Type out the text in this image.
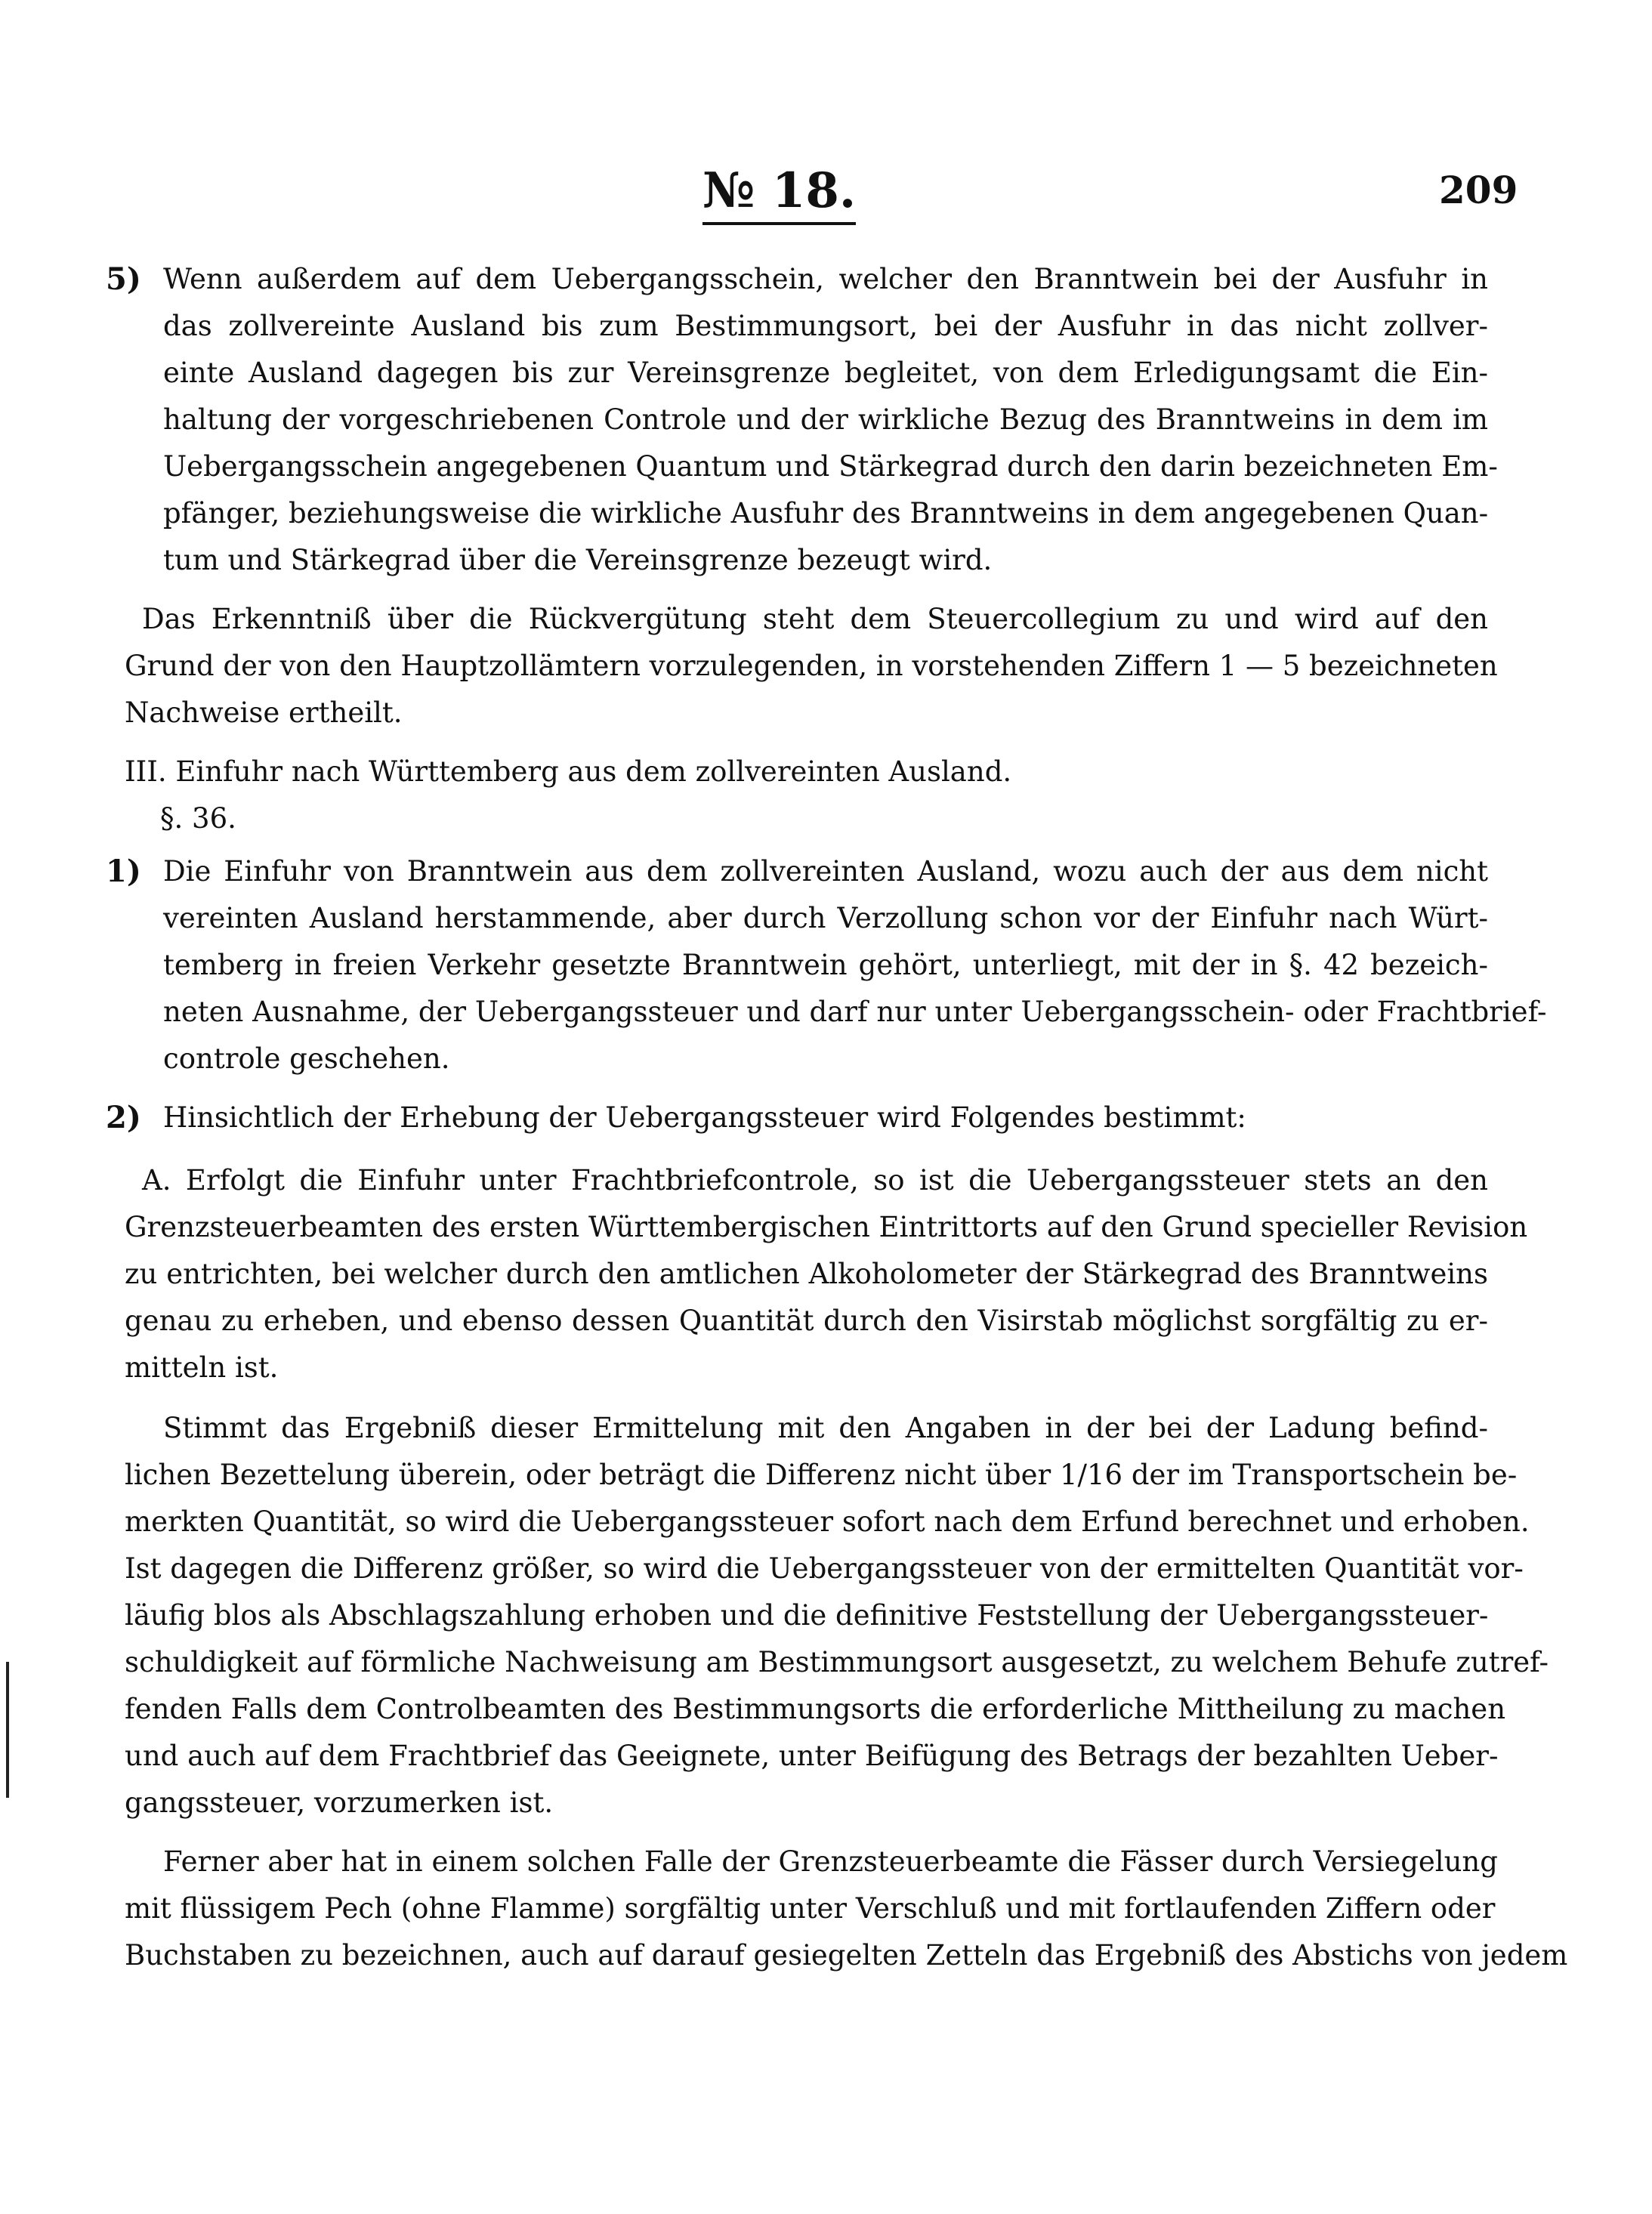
№ 18.	209
5) Wenn außerdem auf dem Uebergangsschein, welcher den Branntwein bei der Ausfuhr in
das zollvereinte Ausland bis zum Bestimmungsort, bei der Ausfuhr in das nicht zollver-
einte Ausland dagegen bis zur Vereinsgrenze begleitet, von dem Erledigungsamt die Ein-
haltung der vorgeschriebenen Controle und der wirkliche Bezug des Branntweins in dem im
Uebergangsschein angegebenen Quantum und Stärkegrad durch den darin bezeichneten Em-
pfänger, beziehungsweise die wirkliche Ausfuhr des Branntweins in dem angegebenen Quan-
tum und Stärkegrad über die Vereinsgrenze bezeugt wird.
Das Erkenntniß über die Rückvergütung steht dem Steuercollegium zu und wird auf den
Grund der von den Hauptzollämtern vorzulegenden, in vorstehenden Ziffern 1 — 5 bezeichneten
Nachweise ertheilt.
III. Einfuhr nach Württemberg aus dem zollvereinten Ausland.
§. 36.
1) Die Einfuhr von Branntwein aus dem zollvereinten Ausland, wozu auch der aus dem nicht
vereinten Ausland herstammende, aber durch Verzollung schon vor der Einfuhr nach Würt-
temberg in freien Verkehr gesetzte Branntwein gehört, unterliegt, mit der in §. 42 bezeich-
neten Ausnahme, der Uebergangssteuer und darf nur unter Uebergangsschein- oder Frachtbrief-
controle geschehen.
2) Hinsichtlich der Erhebung der Uebergangssteuer wird Folgendes bestimmt:
A. Erfolgt die Einfuhr unter Frachtbriefcontrole, so ist die Uebergangssteuer stets an den
Grenzsteuerbeamten des ersten Württembergischen Eintrittorts auf den Grund specieller Revision
zu entrichten, bei welcher durch den amtlichen Alkoholometer der Stärkegrad des Branntweins
genau zu erheben, und ebenso dessen Quantität durch den Visirstab möglichst sorgfältig zu er-
mitteln ist.
Stimmt das Ergebniß dieser Ermittelung mit den Angaben in der bei der Ladung befind-
lichen Bezettelung überein, oder beträgt die Differenz nicht über 1/16 der im Transportschein be-
merkten Quantität, so wird die Uebergangssteuer sofort nach dem Erfund berechnet und erhoben.
Ist dagegen die Differenz größer, so wird die Uebergangssteuer von der ermittelten Quantität vor-
läufig blos als Abschlagszahlung erhoben und die definitive Feststellung der Uebergangssteuer-
schuldigkeit auf förmliche Nachweisung am Bestimmungsort ausgesetzt, zu welchem Behufe zutref-
fenden Falls dem Controlbeamten des Bestimmungsorts die erforderliche Mittheilung zu machen
und auch auf dem Frachtbrief das Geeignete, unter Beifügung des Betrags der bezahlten Ueber-
gangssteuer, vorzumerken ist.
Ferner aber hat in einem solchen Falle der Grenzsteuerbeamte die Fässer durch Versiegelung
mit flüssigem Pech (ohne Flamme) sorgfältig unter Verschluß und mit fortlaufenden Ziffern oder
Buchstaben zu bezeichnen, auch auf darauf gesiegelten Zetteln das Ergebniß des Abstichs von jedem
